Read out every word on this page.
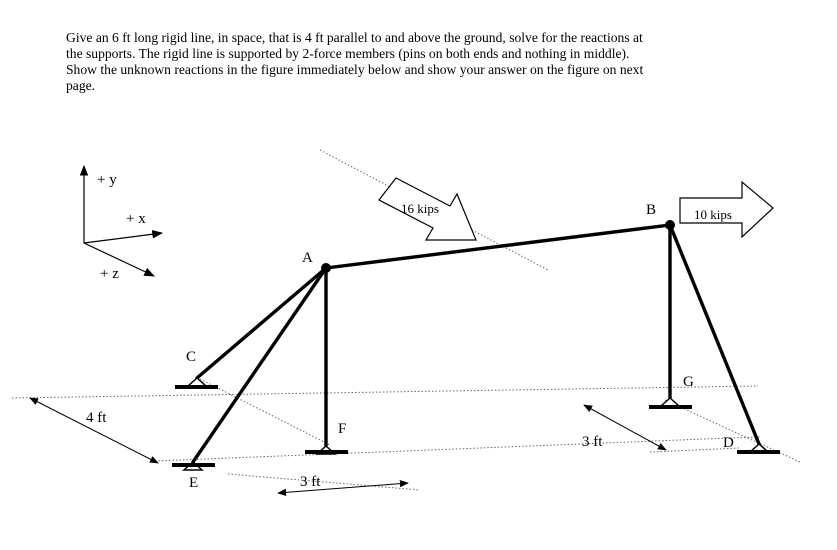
Give an 6 ft long rigid line, in space, that is 4 ft parallel to and above the ground, solve for the reactions at
the supports. The rigid line is supported by 2-force members (pins on both ends and nothing in middle).
Show the unknown reactions in the figure immediately below and show your answer on the figure on next
page.
+ y
+ x
+ z
A
B
C
D
E
F
G
16 kips	10 kips
4 ft
3 ft
3 ft
